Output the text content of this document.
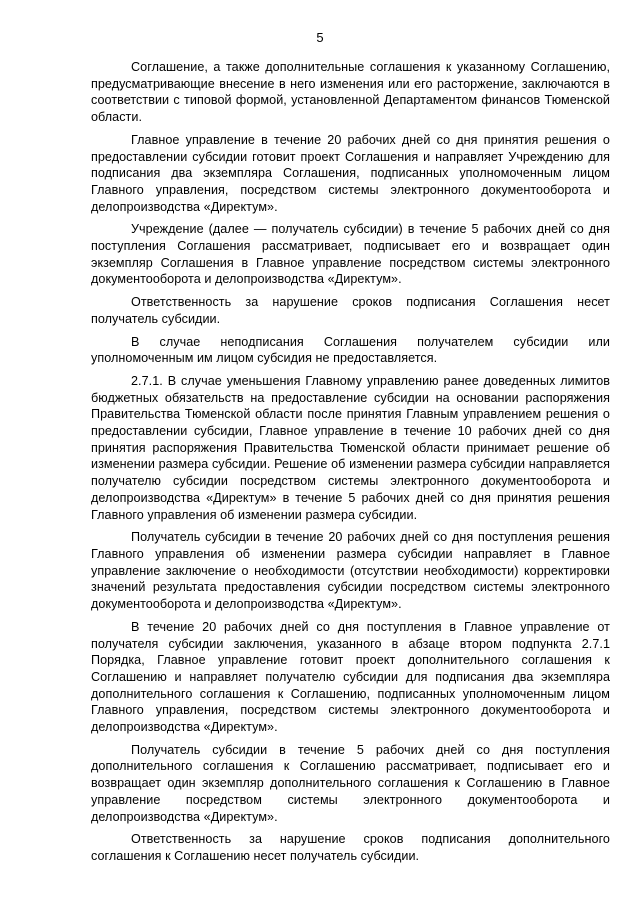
5

Соглашение, а также дополнительные соглашения к указанному Соглашению, предусматривающие внесение в него изменения или его расторжение, заключаются в соответствии с типовой формой, установленной Департаментом финансов Тюменской области.

Главное управление в течение 20 рабочих дней со дня принятия решения о предоставлении субсидии готовит проект Соглашения и направляет Учреждению для подписания два экземпляра Соглашения, подписанных уполномоченным лицом Главного управления, посредством системы электронного документооборота и делопроизводства «Директум».

Учреждение (далее — получатель субсидии) в течение 5 рабочих дней со дня поступления Соглашения рассматривает, подписывает его и возвращает один экземпляр Соглашения в Главное управление посредством системы электронного документооборота и делопроизводства «Директум».

Ответственность за нарушение сроков подписания Соглашения несет получатель субсидии.

В случае неподписания Соглашения получателем субсидии или уполномоченным им лицом субсидия не предоставляется.

2.7.1. В случае уменьшения Главному управлению ранее доведенных лимитов бюджетных обязательств на предоставление субсидии на основании распоряжения Правительства Тюменской области после принятия Главным управлением решения о предоставлении субсидии, Главное управление в течение 10 рабочих дней со дня принятия распоряжения Правительства Тюменской области принимает решение об изменении размера субсидии. Решение об изменении размера субсидии направляется получателю субсидии посредством системы электронного документооборота и делопроизводства «Директум» в течение 5 рабочих дней со дня принятия решения Главного управления об изменении размера субсидии.

Получатель субсидии в течение 20 рабочих дней со дня поступления решения Главного управления об изменении размера субсидии направляет в Главное управление заключение о необходимости (отсутствии необходимости) корректировки значений результата предоставления субсидии посредством системы электронного документооборота и делопроизводства «Директум».

В течение 20 рабочих дней со дня поступления в Главное управление от получателя субсидии заключения, указанного в абзаце втором подпункта 2.7.1 Порядка, Главное управление готовит проект дополнительного соглашения к Соглашению и направляет получателю субсидии для подписания два экземпляра дополнительного соглашения к Соглашению, подписанных уполномоченным лицом Главного управления, посредством системы электронного документооборота и делопроизводства «Директум».

Получатель субсидии в течение 5 рабочих дней со дня поступления дополнительного соглашения к Соглашению рассматривает, подписывает его и возвращает один экземпляр дополнительного соглашения к Соглашению в Главное управление посредством системы электронного документооборота и делопроизводства «Директум».

Ответственность за нарушение сроков подписания дополнительного соглашения к Соглашению несет получатель субсидии.
